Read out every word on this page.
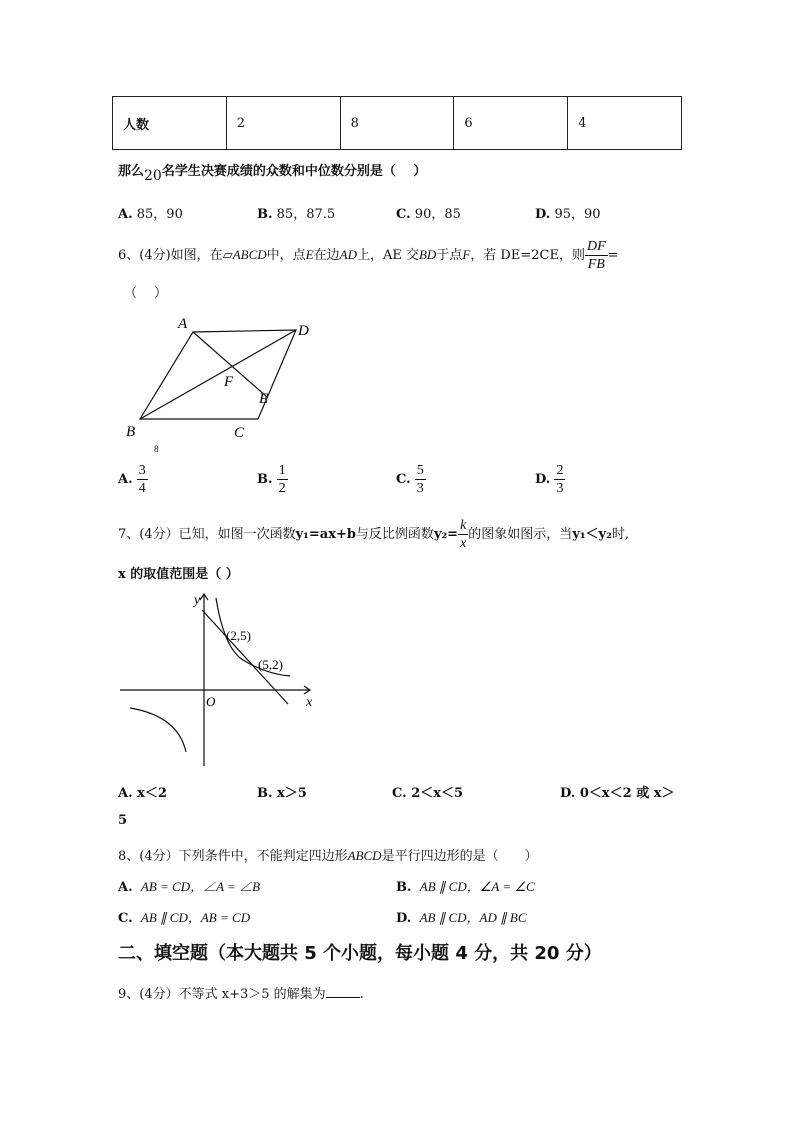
人数	2	8	6	4
那么20名学生决赛成绩的众数和中位数分别是（　 ）
A. 85，90	B. 85，87.5	C. 90，85	D. 95，90
6、(4分)如图，在▱ABCD中，点E在边AD上，AE 交BD于点F，若 DE=2CE，则 $\frac{DF}{FB}$ =
（　 ）
A	D
F
E
B	C
8
A. $\frac{3}{4}$	B. $\frac{1}{2}$	C. $\frac{5}{3}$	D. $\frac{2}{3}$
7、(4分）已知，如图一次函数y₁=ax+b与反比例函数$y_2= \frac{k}{x}$ 的图象如图示，当y₁＜y₂时,
x 的取值范围是（ ）
y
x
O
(2,5)
(5,2)
A. x＜2	B. x＞5	C. 2＜x＜5	D. 0＜x＜2 或 x＞
5
8、(4分）下列条件中，不能判定四边形ABCD是平行四边形的是（　　）
A. AB = CD，∠A = ∠B	B. AB ∥ CD，∠A = ∠C
C. AB ∥ CD，AB = CD	D. AB ∥ CD，AD ∥ BC
二、填空题（本大题共 5 个小题，每小题 4 分，共 20 分）
9、(4分）不等式 x+3＞5 的解集为	.
